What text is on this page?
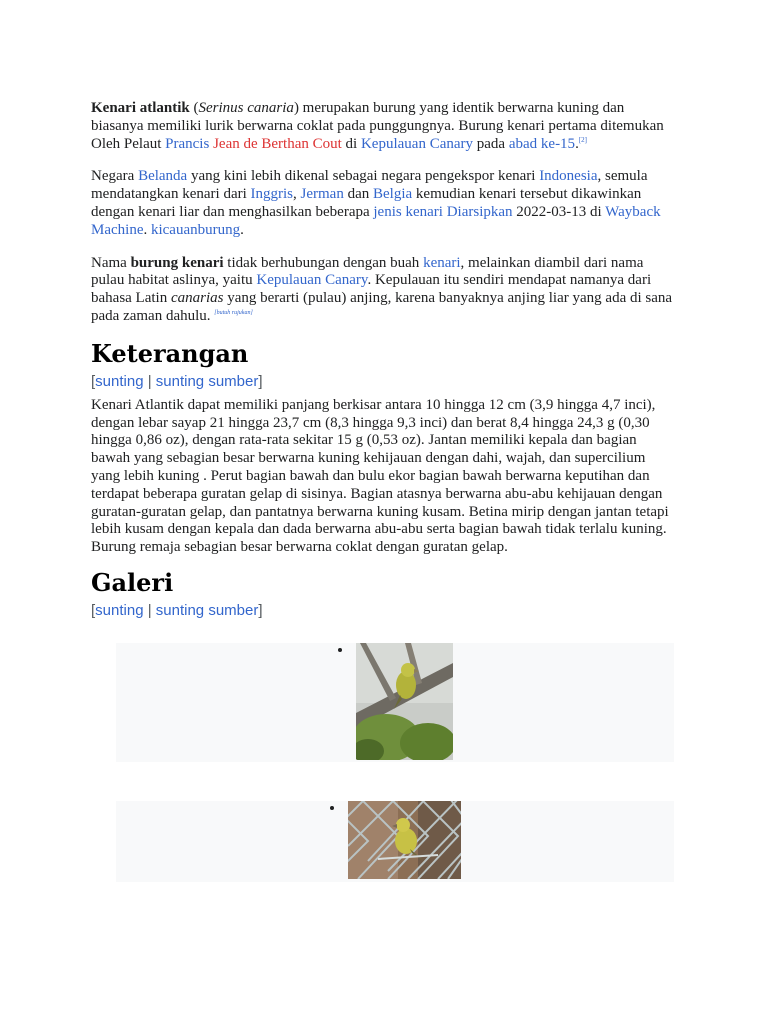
Kenari atlantik (Serinus canaria) merupakan burung yang identik berwarna kuning dan biasanya memiliki lurik berwarna coklat pada punggungnya. Burung kenari pertama ditemukan Oleh Pelaut Prancis Jean de Berthan Cout di Kepulauan Canary pada abad ke-15.[2]

Negara Belanda yang kini lebih dikenal sebagai negara pengekspor kenari Indonesia, semula mendatangkan kenari dari Inggris, Jerman dan Belgia kemudian kenari tersebut dikawinkan dengan kenari liar dan menghasilkan beberapa jenis kenari Diarsipkan 2022-03-13 di Wayback Machine. kicauanburung.

Nama burung kenari tidak berhubungan dengan buah kenari, melainkan diambil dari nama pulau habitat aslinya, yaitu Kepulauan Canary. Kepulauan itu sendiri mendapat namanya dari bahasa Latin canarias yang berarti (pulau) anjing, karena banyaknya anjing liar yang ada di sana pada zaman dahulu. [butuh rujukan]

Keterangan
[sunting | sunting sumber]

Kenari Atlantik dapat memiliki panjang berkisar antara 10 hingga 12 cm (3,9 hingga 4,7 inci), dengan lebar sayap 21 hingga 23,7 cm (8,3 hingga 9,3 inci) dan berat 8,4 hingga 24,3 g (0,30 hingga 0,86 oz), dengan rata-rata sekitar 15 g (0,53 oz). Jantan memiliki kepala dan bagian bawah yang sebagian besar berwarna kuning kehijauan dengan dahi, wajah, dan supercilium yang lebih kuning . Perut bagian bawah dan bulu ekor bagian bawah berwarna keputihan dan terdapat beberapa guratan gelap di sisinya. Bagian atasnya berwarna abu-abu kehijauan dengan guratan-guratan gelap, dan pantatnya berwarna kuning kusam. Betina mirip dengan jantan tetapi lebih kusam dengan kepala dan dada berwarna abu-abu serta bagian bawah tidak terlalu kuning. Burung remaja sebagian besar berwarna coklat dengan guratan gelap.

Galeri
[sunting | sunting sumber]
